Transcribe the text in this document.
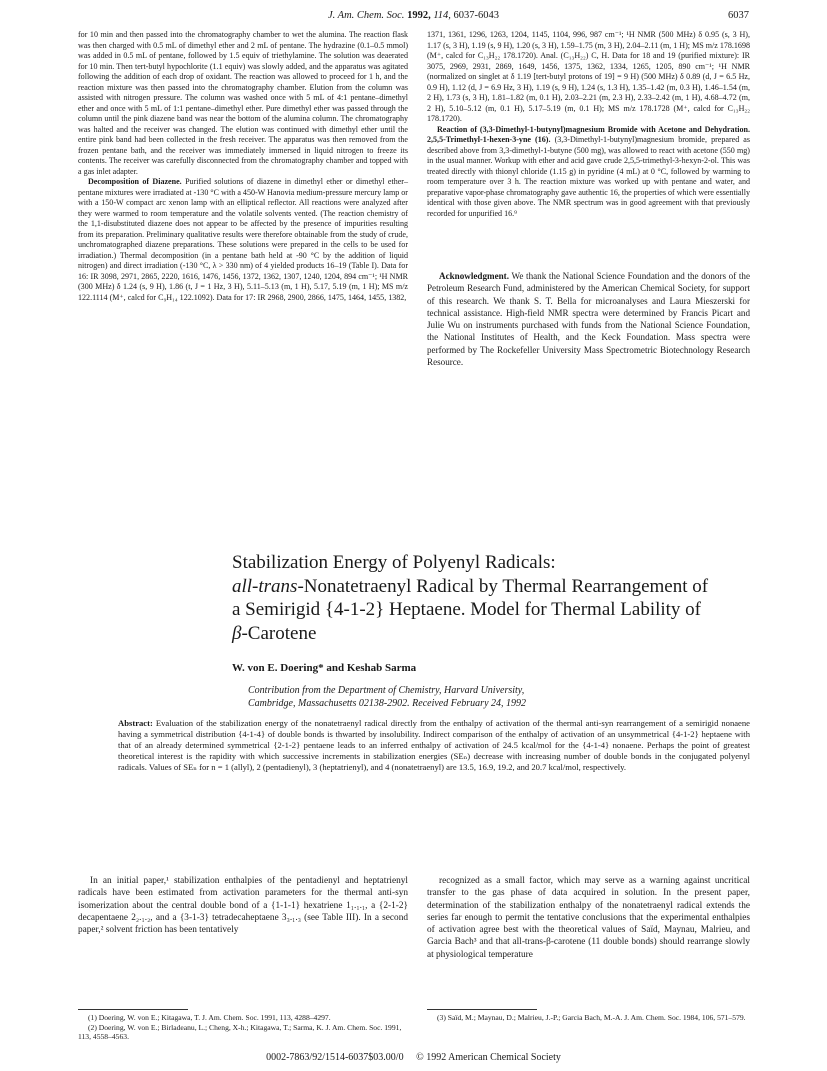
J. Am. Chem. Soc. 1992, 114, 6037-6043	6037

for 10 min and then passed into the chromatography chamber to wet the alumina. The reaction flask was then charged with 0.5 mL of dimethyl ether and 2 mL of pentane. The hydrazine (0.1–0.5 mmol) was added in 0.5 mL of pentane, followed by 1.5 equiv of triethylamine. The solution was deaerated for 10 min. Then tert-butyl hypochlorite (1.1 equiv) was slowly added, and the apparatus was agitated following the addition of each drop of oxidant. The reaction was allowed to proceed for 1 h, and the reaction mixture was then passed into the chromatography chamber. Elution from the column was assisted with nitrogen pressure. The column was washed once with 5 mL of 4:1 pentane–dimethyl ether and once with 5 mL of 1:1 pentane–dimethyl ether. Pure dimethyl ether was passed through the column until the pink diazene band was near the bottom of the alumina column. The chromatography was halted and the receiver was changed. The elution was continued with dimethyl ether until the entire pink band had been collected in the fresh receiver. The apparatus was then removed from the frozen pentane bath, and the receiver was immediately immersed in liquid nitrogen to freeze its contents. The receiver was carefully disconnected from the chromatography chamber and topped with a gas inlet adapter.

Decomposition of Diazene. Purified solutions of diazene in dimethyl ether or dimethyl ether–pentane mixtures were irradiated at -130 °C with a 450-W Hanovia medium-pressure mercury lamp or with a 150-W compact arc xenon lamp with an elliptical reflector. All reactions were analyzed after they were warmed to room temperature and the volatile solvents vented. (The reaction chemistry of the 1,1-disubstituted diazene does not appear to be affected by the presence of impurities resulting from its preparation. Preliminary qualitative results were therefore obtainable from the study of crude, unchromatographed diazene preparations. These solutions were prepared in the cells to be used for irradiation.) Thermal decomposition (in a pentane bath held at -90 °C by the addition of liquid nitrogen) and direct irradiation (-130 °C, λ > 330 nm) of 4 yielded products 16–19 (Table I). Data for 16: IR 3098, 2971, 2865, 2220, 1616, 1476, 1456, 1372, 1362, 1307, 1240, 1204, 894 cm⁻¹; ¹H NMR (300 MHz) δ 1.24 (s, 9 H), 1.86 (t, J = 1 Hz, 3 H), 5.11–5.13 (m, 1 H), 5.17, 5.19 (m, 1 H); MS m/z 122.1114 (M⁺, calcd for C₉H₁₄ 122.1092). Data for 17: IR 2968, 2900, 2866, 1475, 1464, 1455, 1382,

1371, 1361, 1296, 1263, 1204, 1145, 1104, 996, 987 cm⁻¹; ¹H NMR (500 MHz) δ 0.95 (s, 3 H), 1.17 (s, 3 H), 1.19 (s, 9 H), 1.20 (s, 3 H), 1.59–1.75 (m, 3 H), 2.04–2.11 (m, 1 H); MS m/z 178.1698 (M⁺, calcd for C₁₃H₂₂ 178.1720). Anal. (C₁₃H₂₂) C, H. Data for 18 and 19 (purified mixture): IR 3075, 2969, 2931, 2869, 1649, 1456, 1375, 1362, 1334, 1265, 1205, 890 cm⁻¹; ¹H NMR (normalized on singlet at δ 1.19 [tert-butyl protons of 19] = 9 H) (500 MHz) δ 0.89 (d, J = 6.5 Hz, 0.9 H), 1.12 (d, J = 6.9 Hz, 3 H), 1.19 (s, 9 H), 1.24 (s, 1.3 H), 1.35–1.42 (m, 0.3 H), 1.46–1.54 (m, 2 H), 1.73 (s, 3 H), 1.81–1.82 (m, 0.1 H), 2.03–2.21 (m, 2.3 H), 2.33–2.42 (m, 1 H), 4.68–4.72 (m, 2 H), 5.10–5.12 (m, 0.1 H), 5.17–5.19 (m, 0.1 H); MS m/z 178.1728 (M⁺, calcd for C₁₃H₂₂ 178.1720).

Reaction of (3,3-Dimethyl-1-butynyl)magnesium Bromide with Acetone and Dehydration. 2,5,5-Trimethyl-1-hexen-3-yne (16). (3,3-Dimethyl-1-butynyl)magnesium bromide, prepared as described above from 3,3-dimethyl-1-butyne (500 mg), was allowed to react with acetone (550 mg) in the usual manner. Workup with ether and acid gave crude 2,5,5-trimethyl-3-hexyn-2-ol. This was treated directly with thionyl chloride (1.15 g) in pyridine (4 mL) at 0 °C, followed by warming to room temperature over 3 h. The reaction mixture was worked up with pentane and water, and preparative vapor-phase chromatography gave authentic 16, the properties of which were essentially identical with those given above. The NMR spectrum was in good agreement with that previously recorded for unpurified 16.⁹

Acknowledgment. We thank the National Science Foundation and the donors of the Petroleum Research Fund, administered by the American Chemical Society, for support of this research. We thank S. T. Bella for microanalyses and Laura Mieszerski for technical assistance. High-field NMR spectra were determined by Francis Picart and Julie Wu on instruments purchased with funds from the National Science Foundation, the National Institutes of Health, and the Keck Foundation. Mass spectra were performed by The Rockefeller University Mass Spectrometric Biotechnology Research Resource.
Stabilization Energy of Polyenyl Radicals:
all-trans-Nonatetraenyl Radical by Thermal Rearrangement of
a Semirigid {4-1-2} Heptaene. Model for Thermal Lability of
β-Carotene
W. von E. Doering* and Keshab Sarma
Contribution from the Department of Chemistry, Harvard University,
Cambridge, Massachusetts 02138-2902. Received February 24, 1992
Abstract: Evaluation of the stabilization energy of the nonatetraenyl radical directly from the enthalpy of activation of the thermal anti-syn rearrangement of a semirigid nonaene having a symmetrical distribution {4-1-4} of double bonds is thwarted by insolubility. Indirect comparison of the enthalpy of activation of an unsymmetrical {4-1-2} heptaene with that of an already determined symmetrical {2-1-2} pentaene leads to an inferred enthalpy of activation of 24.5 kcal/mol for the {4-1-4} nonaene. Perhaps the point of greatest theoretical interest is the rapidity with which successive increments in stabilization energies (SEₙ) decrease with increasing number of double bonds in the conjugated polyenyl radicals. Values of SEₙ for n = 1 (allyl), 2 (pentadienyl), 3 (heptatrienyl), and 4 (nonatetraenyl) are 13.5, 16.9, 19.2, and 20.7 kcal/mol, respectively.

In an initial paper,¹ stabilization enthalpies of the pentadienyl and heptatrienyl radicals have been estimated from activation parameters for the thermal anti-syn isomerization about the central double bond of a {1-1-1} hexatriene 1₁.₁.₁, a {2-1-2} decapentaene 2₂.₁.₂, and a {3-1-3} tetradecaheptaene 3₃.₁.₃ (see Table III). In a second paper,² solvent friction has been tentatively

recognized as a small factor, which may serve as a warning against uncritical transfer to the gas phase of data acquired in solution. In the present paper, determination of the stabilization enthalpy of the nonatetraenyl radical extends the series far enough to permit the tentative conclusions that the experimental enthalpies of activation agree best with the theoretical values of Saïd, Maynau, Malrieu, and Garcia Bach³ and that all-trans-β-carotene (11 double bonds) should rearrange slowly at physiological temperature

(1) Doering, W. von E.; Kitagawa, T. J. Am. Chem. Soc. 1991, 113, 4288–4297.
(2) Doering, W. von E.; Birladeanu, L.; Cheng, X-h.; Kitagawa, T.; Sarma, K. J. Am. Chem. Soc. 1991, 113, 4558–4563.
(3) Saïd, M.; Maynau, D.; Malrieu, J.-P.; Garcia Bach, M.-A. J. Am. Chem. Soc. 1984, 106, 571–579.
0002-7863/92/1514-6037$03.00/0 © 1992 American Chemical Society
